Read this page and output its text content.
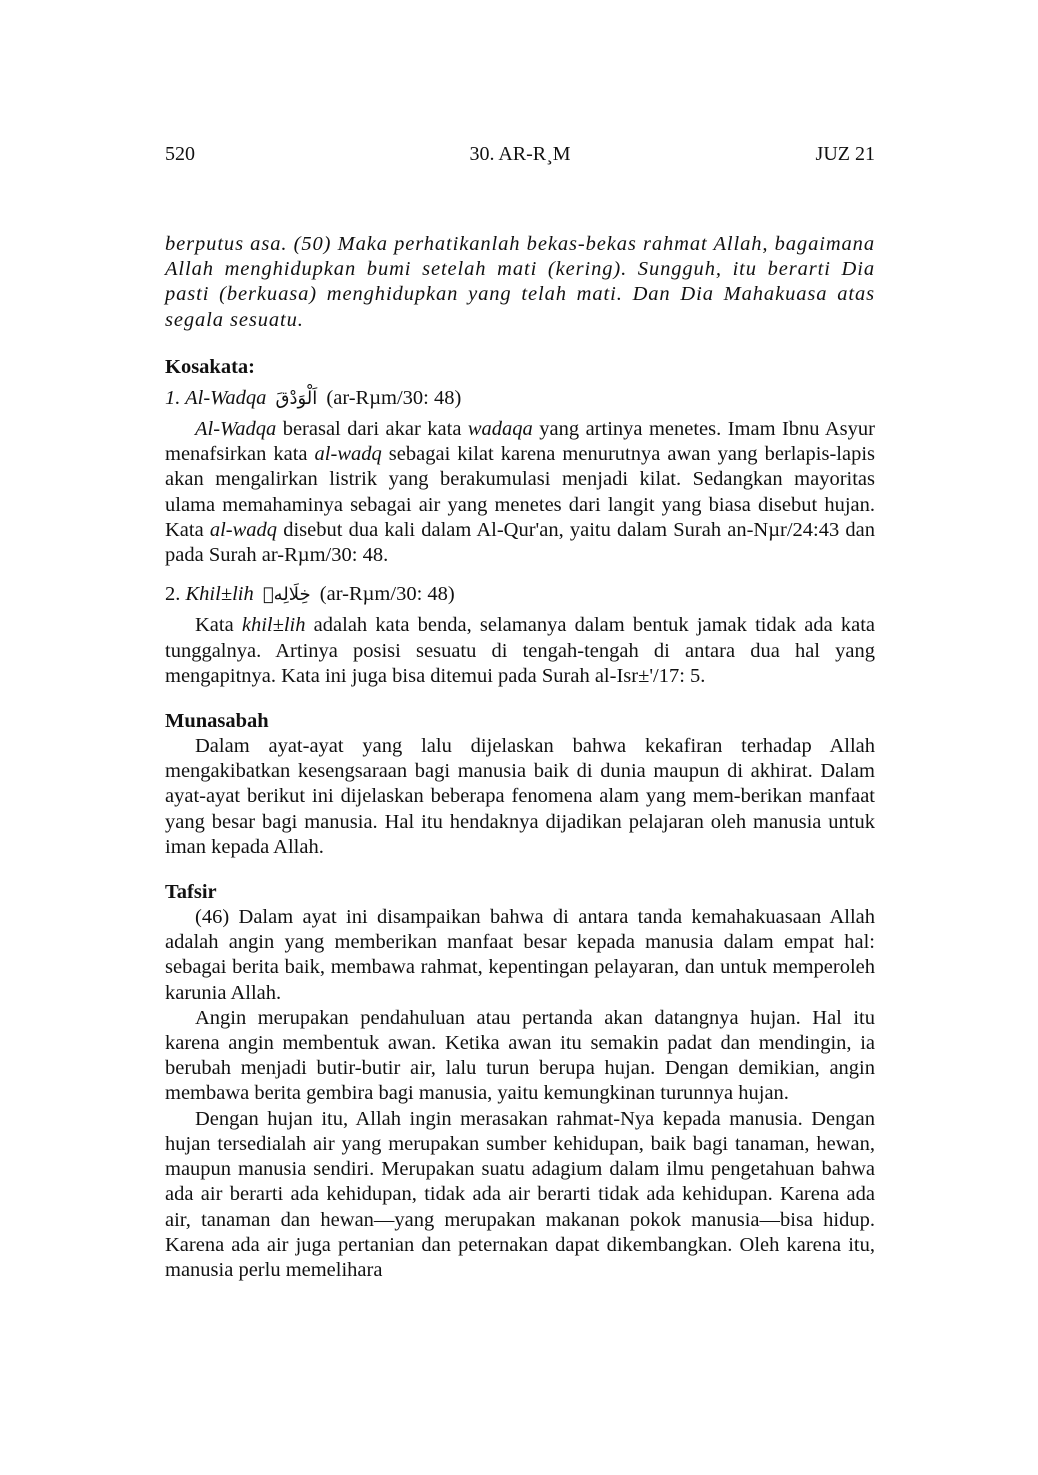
520	30. AR-R¸M	JUZ 21

berputus asa. (50) Maka perhatikanlah bekas-bekas rahmat Allah, bagaimana Allah menghidupkan bumi setelah mati (kering). Sungguh, itu berarti Dia pasti (berkuasa) menghidupkan yang telah mati. Dan Dia Mahakuasa atas segala sesuatu.

Kosakata:

1. Al-Wadqa اَلْوَدْقَ (ar-Rµm/30: 48)

Al-Wadqa berasal dari akar kata wadaqa yang artinya menetes. Imam Ibnu Asyur menafsirkan kata al-wadq sebagai kilat karena menurutnya awan yang berlapis-lapis akan mengalirkan listrik yang berakumulasi menjadi kilat. Sedangkan mayoritas ulama memahaminya sebagai air yang menetes dari langit yang biasa disebut hujan. Kata al-wadq disebut dua kali dalam Al-Qur'an, yaitu dalam Surah an-Nµr/24:43 dan pada Surah ar-Rµm/30: 48.

2. Khil±lih خِلَالِهٖ (ar-Rµm/30: 48)

Kata khil±lih adalah kata benda, selamanya dalam bentuk jamak tidak ada kata tunggalnya. Artinya posisi sesuatu di tengah-tengah di antara dua hal yang mengapitnya. Kata ini juga bisa ditemui pada Surah al-Isr±'/17: 5.

Munasabah

Dalam ayat-ayat yang lalu dijelaskan bahwa kekafiran terhadap Allah mengakibatkan kesengsaraan bagi manusia baik di dunia maupun di akhirat. Dalam ayat-ayat berikut ini dijelaskan beberapa fenomena alam yang mem-berikan manfaat yang besar bagi manusia. Hal itu hendaknya dijadikan pelajaran oleh manusia untuk iman kepada Allah.

Tafsir

(46) Dalam ayat ini disampaikan bahwa di antara tanda kemahakuasaan Allah adalah angin yang memberikan manfaat besar kepada manusia dalam empat hal: sebagai berita baik, membawa rahmat, kepentingan pelayaran, dan untuk memperoleh karunia Allah.

Angin merupakan pendahuluan atau pertanda akan datangnya hujan. Hal itu karena angin membentuk awan. Ketika awan itu semakin padat dan mendingin, ia berubah menjadi butir-butir air, lalu turun berupa hujan. Dengan demikian, angin membawa berita gembira bagi manusia, yaitu kemungkinan turunnya hujan.

Dengan hujan itu, Allah ingin merasakan rahmat-Nya kepada manusia. Dengan hujan tersedialah air yang merupakan sumber kehidupan, baik bagi tanaman, hewan, maupun manusia sendiri. Merupakan suatu adagium dalam ilmu pengetahuan bahwa ada air berarti ada kehidupan, tidak ada air berarti tidak ada kehidupan. Karena ada air, tanaman dan hewan—yang merupakan makanan pokok manusia—bisa hidup. Karena ada air juga pertanian dan peternakan dapat dikembangkan. Oleh karena itu, manusia perlu memelihara
